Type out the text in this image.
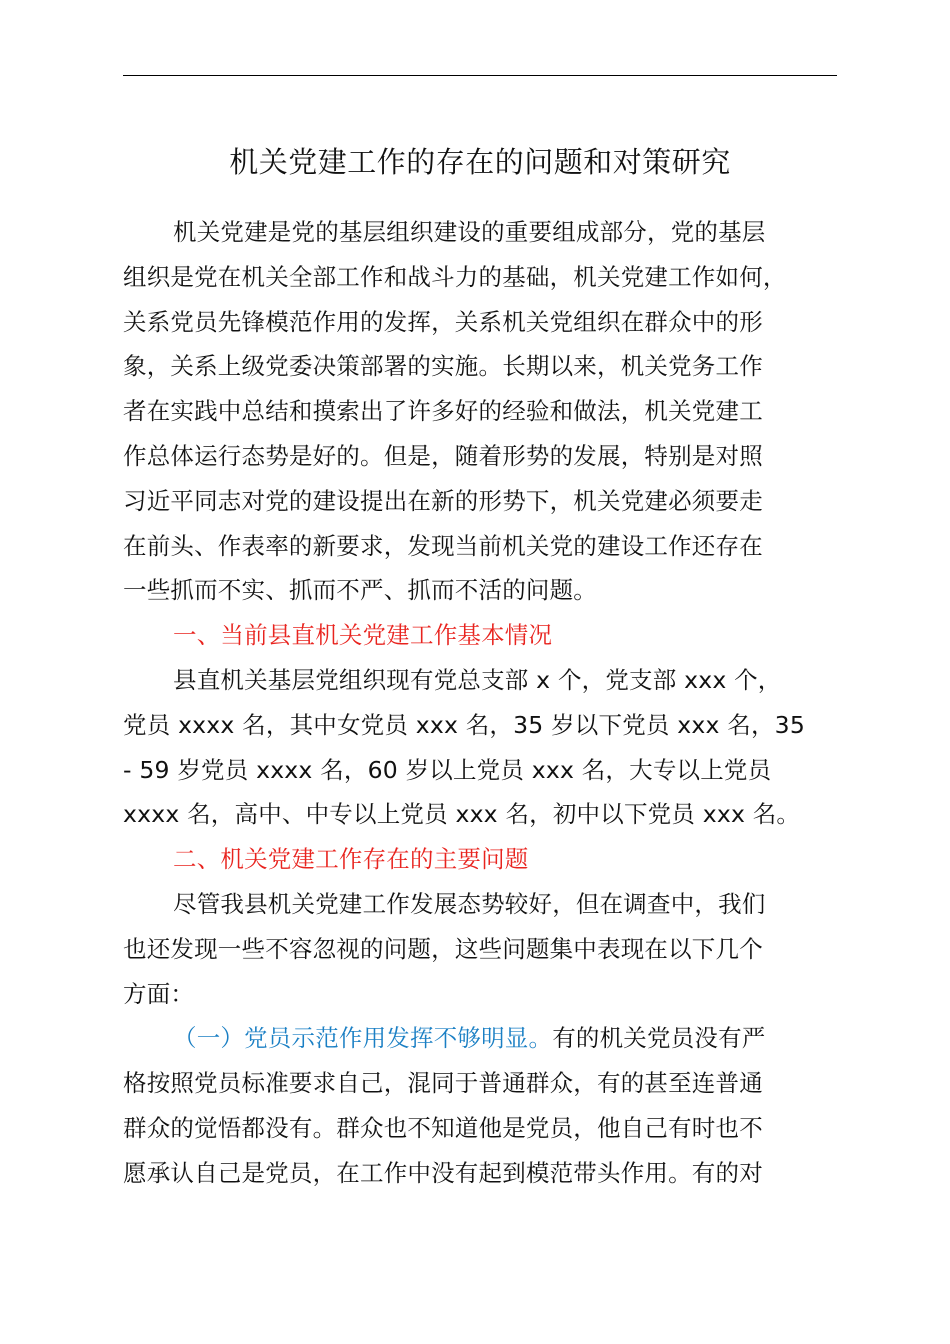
机关党建工作的存在的问题和对策研究
机关党建是党的基层组织建设的重要组成部分，党的基层
组织是党在机关全部工作和战斗力的基础，机关党建工作如何，
关系党员先锋模范作用的发挥，关系机关党组织在群众中的形
象，关系上级党委决策部署的实施。长期以来，机关党务工作
者在实践中总结和摸索出了许多好的经验和做法，机关党建工
作总体运行态势是好的。但是，随着形势的发展，特别是对照
习近平同志对党的建设提出在新的形势下，机关党建必须要走
在前头、作表率的新要求，发现当前机关党的建设工作还存在
一些抓而不实、抓而不严、抓而不活的问题。
一、当前县直机关党建工作基本情况
县直机关基层党组织现有党总支部 x 个，党支部 xxx 个，
党员 xxxx 名，其中女党员 xxx 名，35 岁以下党员 xxx 名，35
- 59 岁党员 xxxx 名，60 岁以上党员 xxx 名，大专以上党员
xxxx 名，高中、中专以上党员 xxx 名，初中以下党员 xxx 名。
二、机关党建工作存在的主要问题
尽管我县机关党建工作发展态势较好，但在调查中，我们
也还发现一些不容忽视的问题，这些问题集中表现在以下几个
方面：
（一）党员示范作用发挥不够明显。有的机关党员没有严
格按照党员标准要求自己，混同于普通群众，有的甚至连普通
群众的觉悟都没有。群众也不知道他是党员，他自己有时也不
愿承认自己是党员，在工作中没有起到模范带头作用。有的对
